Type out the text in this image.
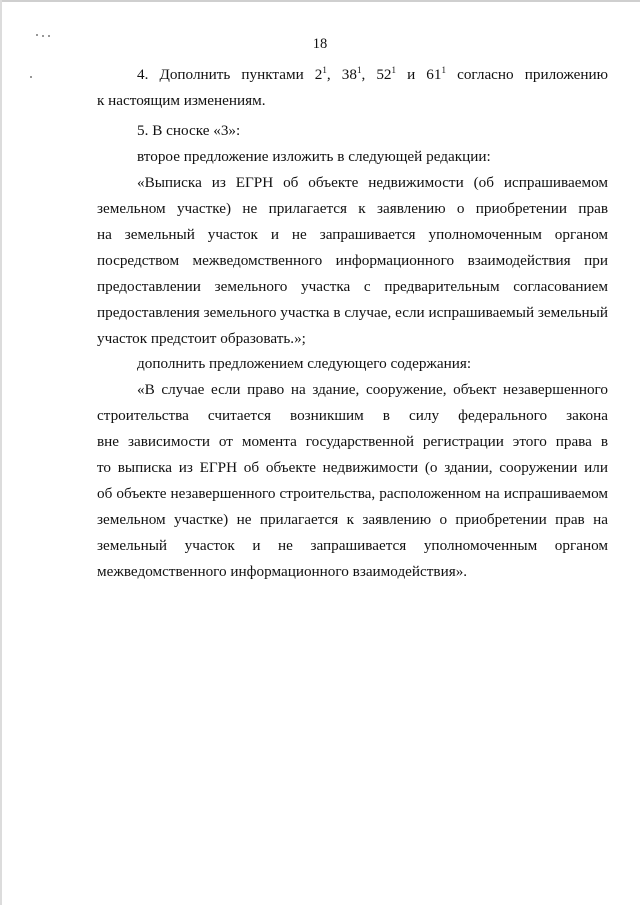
18
4. Дополнить пунктами $2^1$, $38^1$, $52^1$ и $61^1$ согласно приложению
к настоящим изменениям.
5. В сноске «3»:
второе предложение изложить в следующей редакции:
«Выписка из ЕГРН об объекте недвижимости (об испрашиваемом
земельном участке) не прилагается к заявлению о приобретении прав
на земельный участок и не запрашивается уполномоченным органом
посредством межведомственного информационного взаимодействия при
предоставлении земельного участка с предварительным согласованием
предоставления земельного участка в случае, если испрашиваемый земельный
участок предстоит образовать.»;
дополнить предложением следующего содержания:
«В случае если право на здание, сооружение, объект незавершенного
строительства считается возникшим в силу федерального закона
вне зависимости от момента государственной регистрации этого права в
то выписка из ЕГРН об объекте недвижимости (о здании, сооружении или
об объекте незавершенного строительства, расположенном на испрашиваемом
земельном участке) не прилагается к заявлению о приобретении прав на
земельный участок и не запрашивается уполномоченным органом
межведомственного информационного взаимодействия».
